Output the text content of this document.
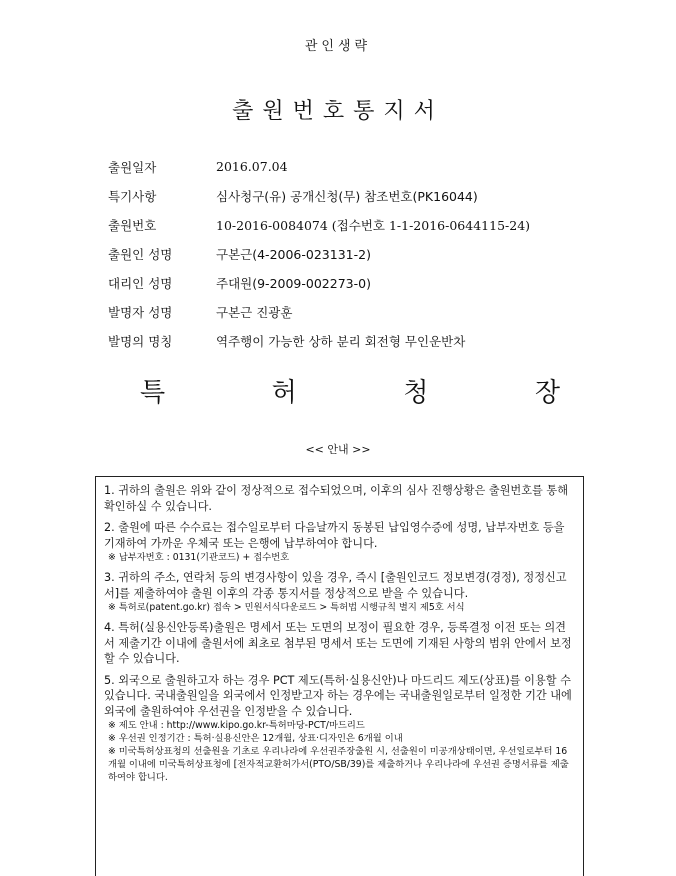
관인생략
출원번호통지서
출원일자	2016.07.04
특기사항	심사청구(유) 공개신청(무) 참조번호(PK16044)
출원번호	10-2016-0084074 (접수번호 1-1-2016-0644115-24)
출원인 성명	구본근(4-2006-023131-2)
대리인 성명	주대원(9-2009-002273-0)
발명자 성명	구본근 진광훈
발명의 명칭	역주행이 가능한 상하 분리 회전형 무인운반차
특	허	청	장
<< 안내 >>

1. 귀하의 출원은 위와 같이 정상적으로 접수되었으며, 이후의 심사 진행상황은 출원번호를 통해 확인하실 수 있습니다.

2. 출원에 따른 수수료는 접수일로부터 다음날까지 동봉된 납입영수증에 성명, 납부자번호 등을 기재하여 가까운 우체국 또는 은행에 납부하여야 합니다.

※ 납부자번호 : 0131(기관코드) + 접수번호

3. 귀하의 주소, 연락처 등의 변경사항이 있을 경우, 즉시 [출원인코드 정보변경(경정), 정정신고서]를 제출하여야 출원 이후의 각종 통지서를 정상적으로 받을 수 있습니다.

※ 특허로(patent.go.kr) 접속 > 민원서식다운로드 > 특허법 시행규칙 별지 제5호 서식

4. 특허(실용신안등록)출원은 명세서 또는 도면의 보정이 필요한 경우, 등록결정 이전 또는 의견서 제출기간 이내에 출원서에 최초로 첨부된 명세서 또는 도면에 기재된 사항의 범위 안에서 보정할 수 있습니다.

5. 외국으로 출원하고자 하는 경우 PCT 제도(특허·실용신안)나 마드리드 제도(상표)를 이용할 수 있습니다. 국내출원일을 외국에서 인정받고자 하는 경우에는 국내출원일로부터 일정한 기간 내에 외국에 출원하여야 우선권을 인정받을 수 있습니다.

※ 제도 안내 : http://www.kipo.go.kr-특허마당-PCT/마드리드
※ 우선권 인정기간 : 특허·실용신안은 12개월, 상표·디자인은 6개월 이내
※ 미국특허상표청의 선출원을 기초로 우리나라에 우선권주장출원 시, 선출원이 미공개상태이면, 우선일로부터 16개월 이내에 미국특허상표청에 [전자적교환허가서(PTO/SB/39)를 제출하거나 우리나라에 우선권 증명서류를 제출하여야 합니다.
